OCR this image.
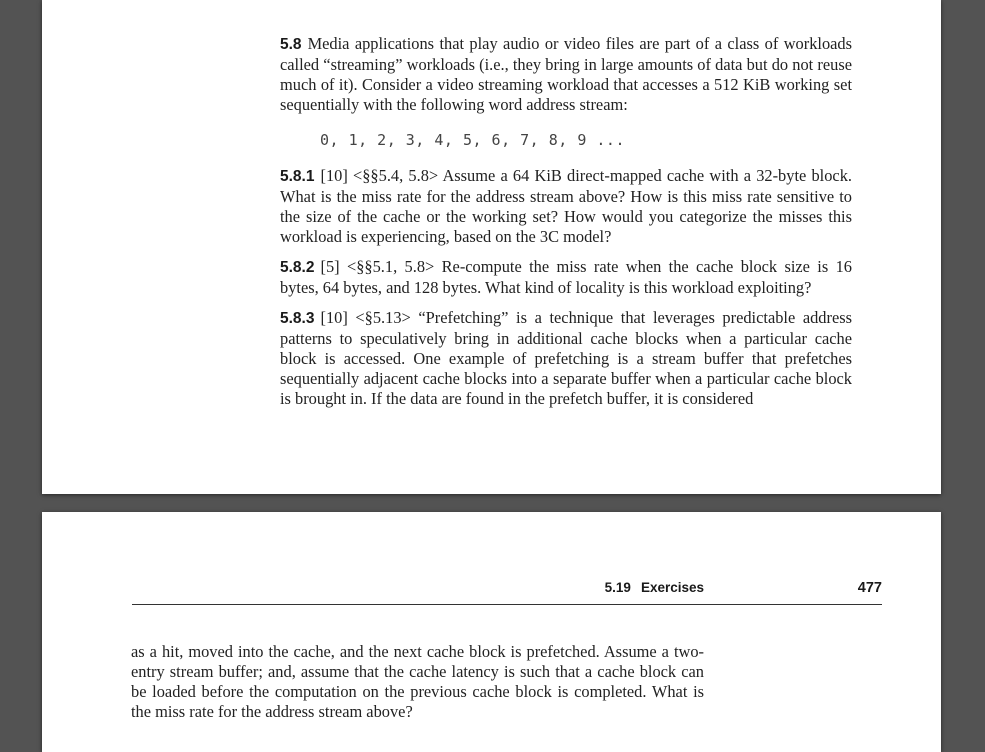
5.8 Media applications that play audio or video files are part of a class of workloads called “streaming” workloads (i.e., they bring in large amounts of data but do not reuse much of it). Consider a video streaming workload that accesses a 512 KiB working set sequentially with the following word address stream:

0, 1, 2, 3, 4, 5, 6, 7, 8, 9 ...

5.8.1 [10] <§§5.4, 5.8> Assume a 64 KiB direct-mapped cache with a 32-byte block. What is the miss rate for the address stream above? How is this miss rate sensitive to the size of the cache or the working set? How would you categorize the misses this workload is experiencing, based on the 3C model?

5.8.2 [5] <§§5.1, 5.8> Re-compute the miss rate when the cache block size is 16 bytes, 64 bytes, and 128 bytes. What kind of locality is this workload exploiting?

5.8.3 [10] <§5.13> “Prefetching” is a technique that leverages predictable address patterns to speculatively bring in additional cache blocks when a particular cache block is accessed. One example of prefetching is a stream buffer that prefetches sequentially adjacent cache blocks into a separate buffer when a particular cache block is brought in. If the data are found in the prefetch buffer, it is considered

5.19 Exercises	477

as a hit, moved into the cache, and the next cache block is prefetched. Assume a two-entry stream buffer; and, assume that the cache latency is such that a cache block can be loaded before the computation on the previous cache block is completed. What is the miss rate for the address stream above?
